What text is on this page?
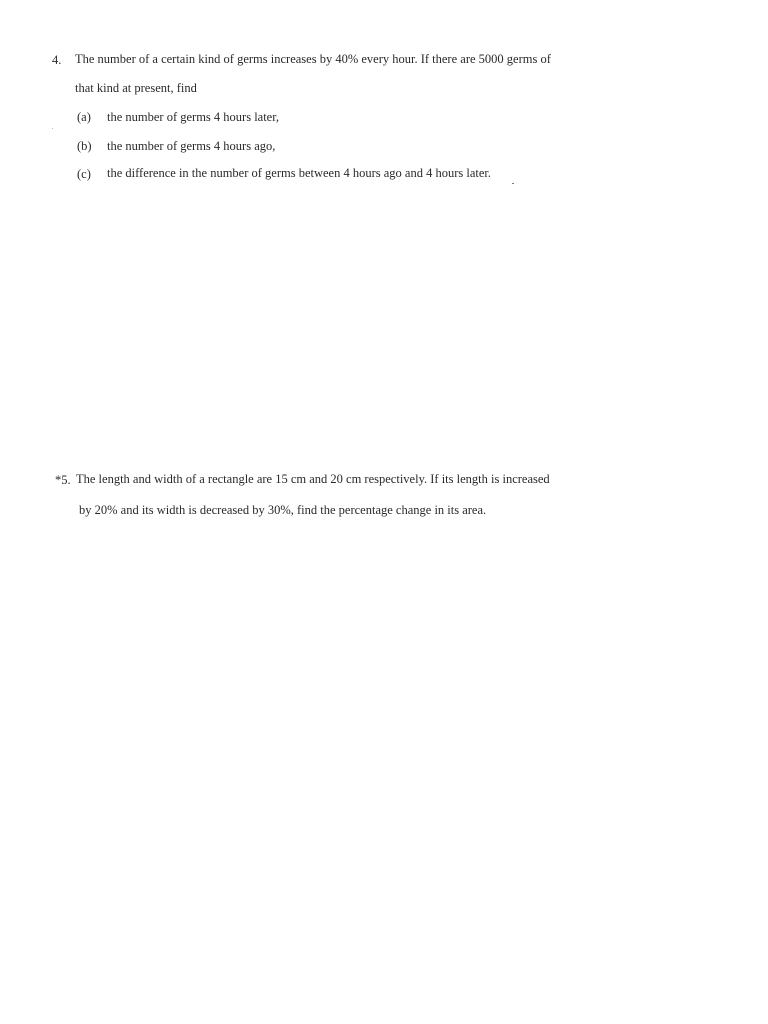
4. The number of a certain kind of germs increases by 40% every hour. If there are 5000 germs of
that kind at present, find
(a) the number of germs 4 hours later,
(b) the number of germs 4 hours ago,
(c) the difference in the number of germs between 4 hours ago and 4 hours later.
*5. The length and width of a rectangle are 15 cm and 20 cm respectively. If its length is increased
by 20% and its width is decreased by 30%, find the percentage change in its area.
